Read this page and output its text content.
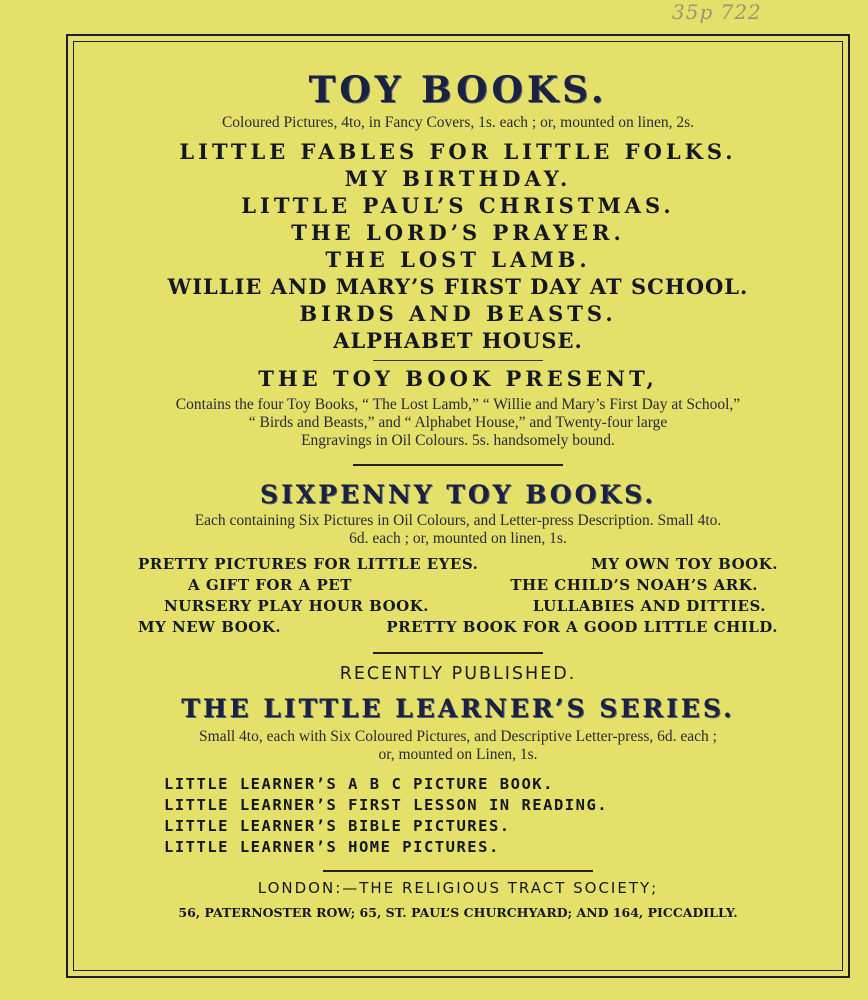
35p 722
TOY BOOKS.
Coloured Pictures, 4to, in Fancy Covers, 1s. each ; or, mounted on linen, 2s.
LITTLE FABLES FOR LITTLE FOLKS.
MY BIRTHDAY.
LITTLE PAUL’S CHRISTMAS.
THE LORD’S PRAYER.
THE LOST LAMB.
WILLIE AND MARY’S FIRST DAY AT SCHOOL.
BIRDS AND BEASTS.
ALPHABET HOUSE.
THE TOY BOOK PRESENT,
Contains the four Toy Books, “ The Lost Lamb,” “ Willie and Mary’s First Day at School,”
“ Birds and Beasts,” and “ Alphabet House,” and Twenty-four large
Engravings in Oil Colours. 5s. handsomely bound.
SIXPENNY TOY BOOKS.
Each containing Six Pictures in Oil Colours, and Letter-press Description. Small 4to.
6d. each ; or, mounted on linen, 1s.
PRETTY PICTURES FOR LITTLE EYES.	MY OWN TOY BOOK.
A GIFT FOR A PET	THE CHILD’S NOAH’S ARK.
NURSERY PLAY HOUR BOOK.	LULLABIES AND DITTIES.
MY NEW BOOK.	PRETTY BOOK FOR A GOOD LITTLE CHILD.
RECENTLY PUBLISHED.
THE LITTLE LEARNER’S SERIES.
Small 4to, each with Six Coloured Pictures, and Descriptive Letter-press, 6d. each ;
or, mounted on Linen, 1s.
LITTLE LEARNER’S A B C PICTURE BOOK.
LITTLE LEARNER’S FIRST LESSON IN READING.
LITTLE LEARNER’S BIBLE PICTURES.
LITTLE LEARNER’S HOME PICTURES.
LONDON:—THE RELIGIOUS TRACT SOCIETY;
56, PATERNOSTER ROW; 65, ST. PAUL’S CHURCHYARD; AND 164, PICCADILLY.
